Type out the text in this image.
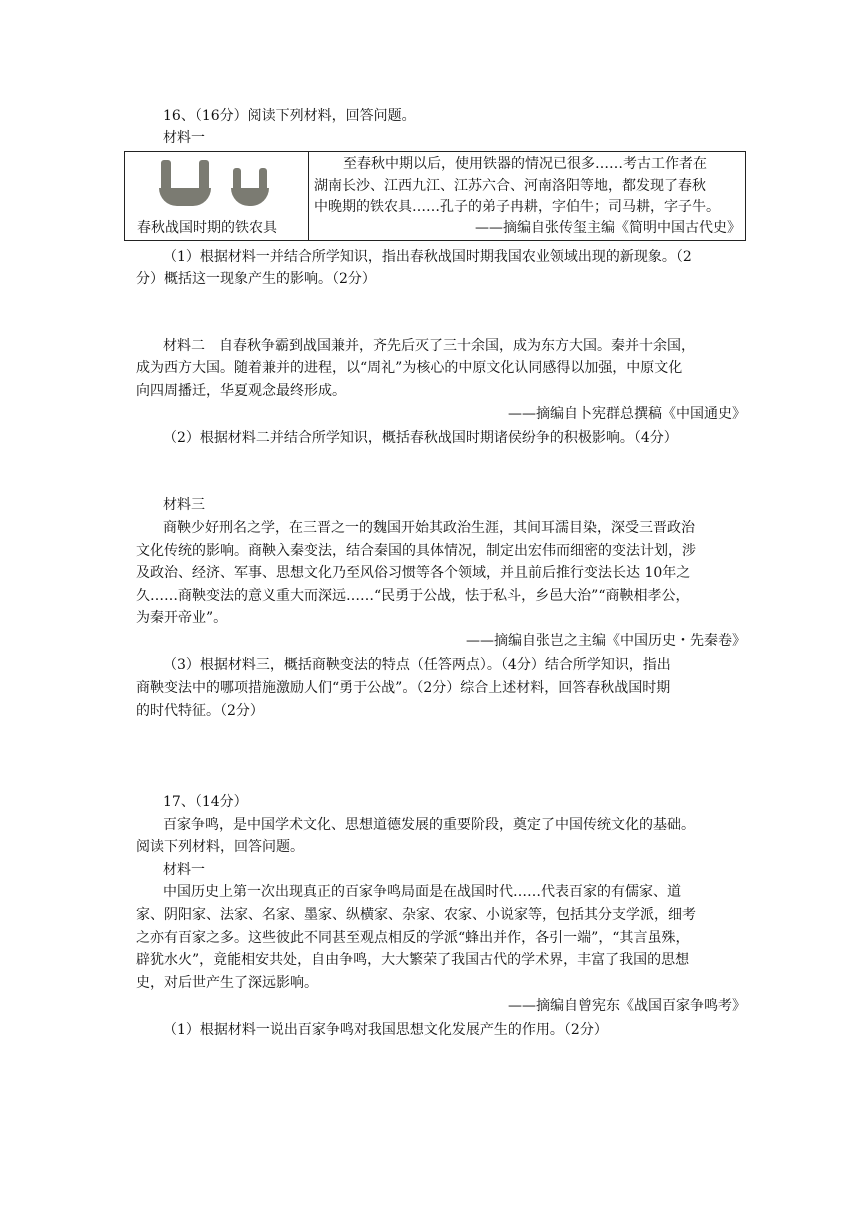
16、（16分）阅读下列材料，回答问题。
材料一
春秋战国时期的铁农具
至春秋中期以后，使用铁器的情况已很多……考古工作者在
湖南长沙、江西九江、江苏六合、河南洛阳等地，都发现了春秋
中晚期的铁农具……孔子的弟子冉耕，字伯牛；司马耕，字子牛。
——摘编自张传玺主编《简明中国古代史》
（1）根据材料一并结合所学知识，指出春秋战国时期我国农业领域出现的新现象。（2
分）概括这一现象产生的影响。（2分）
材料二　自春秋争霸到战国兼并，齐先后灭了三十余国，成为东方大国。秦并十余国，
成为西方大国。随着兼并的进程，以“周礼”为核心的中原文化认同感得以加强，中原文化
向四周播迁，华夏观念最终形成。
——摘编自卜宪群总撰稿《中国通史》
（2）根据材料二并结合所学知识，概括春秋战国时期诸侯纷争的积极影响。（4分）
材料三
商鞅少好刑名之学，在三晋之一的魏国开始其政治生涯，其间耳濡目染，深受三晋政治
文化传统的影响。商鞅入秦变法，结合秦国的具体情况，制定出宏伟而细密的变法计划，涉
及政治、经济、军事、思想文化乃至风俗习惯等各个领域，并且前后推行变法长达 10年之
久……商鞅变法的意义重大而深远……“民勇于公战，怯于私斗，乡邑大治”“商鞅相孝公，
为秦开帝业”。
——摘编自张岂之主编《中国历史・先秦卷》
（3）根据材料三，概括商鞅变法的特点（任答两点）。（4分）结合所学知识，指出
商鞅变法中的哪项措施激励人们“勇于公战”。（2分）综合上述材料，回答春秋战国时期
的时代特征。（2分）
17、（14分）
百家争鸣，是中国学术文化、思想道德发展的重要阶段，奠定了中国传统文化的基础。
阅读下列材料，回答问题。
材料一
中国历史上第一次出现真正的百家争鸣局面是在战国时代……代表百家的有儒家、道
家、阴阳家、法家、名家、墨家、纵横家、杂家、农家、小说家等，包括其分支学派，细考
之亦有百家之多。这些彼此不同甚至观点相反的学派“蜂出并作，各引一端”，“其言虽殊，
辟犹水火”，竟能相安共处，自由争鸣，大大繁荣了我国古代的学术界，丰富了我国的思想
史，对后世产生了深远影响。
——摘编自曾宪东《战国百家争鸣考》
（1）根据材料一说出百家争鸣对我国思想文化发展产生的作用。（2分）
